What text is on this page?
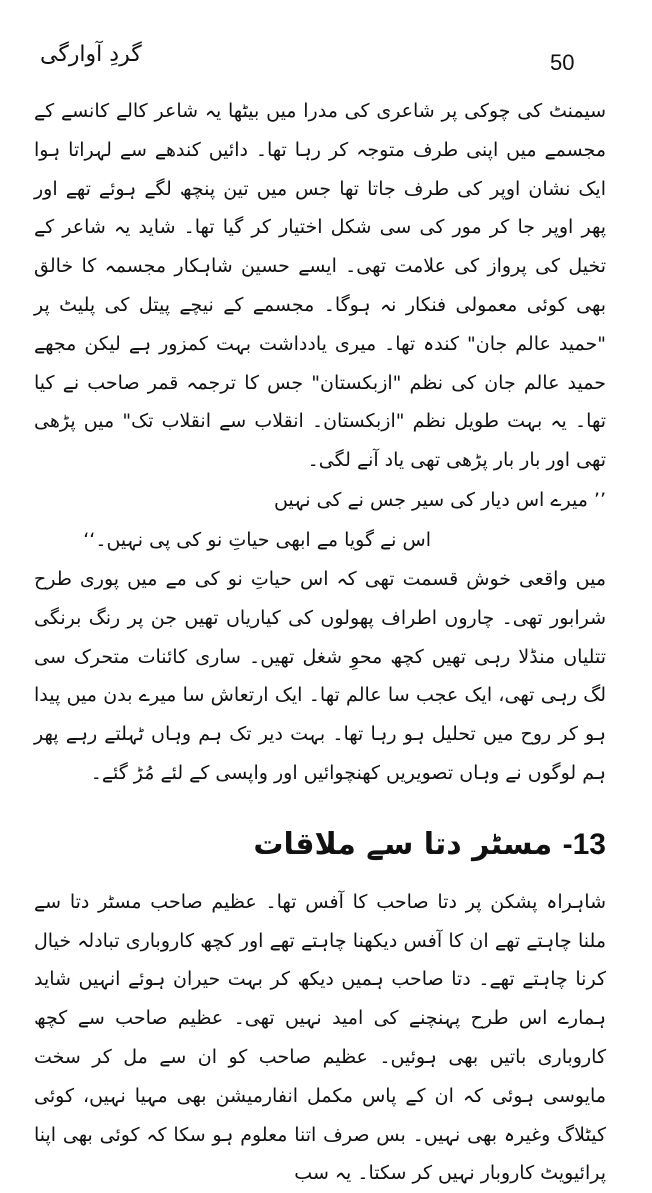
گردِ آوارگی	50

سیمنٹ کی چوکی پر شاعری کی مدرا میں بیٹھا یہ شاعر کالے کانسے کے مجسمے میں اپنی طرف متوجہ کر رہا تھا۔ دائیں کندھے سے لہراتا ہوا ایک نشان اوپر کی طرف جاتا تھا جس میں تین پنچھ لگے ہوئے تھے اور پھر اوپر جا کر مور کی سی شکل اختیار کر گیا تھا۔ شاید یہ شاعر کے تخیل کی پرواز کی علامت تھی۔ ایسے حسین شاہکار مجسمہ کا خالق بھی کوئی معمولی فنکار نہ ہوگا۔ مجسمے کے نیچے پیتل کی پلیٹ پر "حمید عالم جان" کندہ تھا۔ میری یادداشت بہت کمزور ہے لیکن مجھے حمید عالم جان کی نظم "ازبکستان" جس کا ترجمہ قمر صاحب نے کیا تھا۔ یہ بہت طویل نظم "ازبکستان۔ انقلاب سے انقلاب تک" میں پڑھی تھی اور بار بار پڑھی تھی یاد آنے لگی۔

’’ میرے اس دیار کی سیر جس نے کی نہیں

اس نے گویا مے ابھی حیاتِ نو کی پی نہیں۔‘‘

میں واقعی خوش قسمت تھی کہ اس حیاتِ نو کی مے میں پوری طرح شرابور تھی۔ چاروں اطراف پھولوں کی کیاریاں تھیں جن پر رنگ برنگی تتلیاں منڈلا رہی تھیں کچھ محوِ شغل تھیں۔ ساری کائنات متحرک سی لگ رہی تھی، ایک عجب سا عالم تھا۔ ایک ارتعاش سا میرے بدن میں پیدا ہو کر روح میں تحلیل ہو رہا تھا۔ بہت دیر تک ہم وہاں ٹہلتے رہے پھر ہم لوگوں نے وہاں تصویریں کھنچوائیں اور واپسی کے لئے مُڑ گئے۔

13- مسٹر دتا سے ملاقات

شاہراہ پشکن پر دتا صاحب کا آفس تھا۔ عظیم صاحب مسٹر دتا سے ملنا چاہتے تھے ان کا آفس دیکھنا چاہتے تھے اور کچھ کاروباری تبادلہ خیال کرنا چاہتے تھے۔ دتا صاحب ہمیں دیکھ کر بہت حیران ہوئے انہیں شاید ہمارے اس طرح پہنچنے کی امید نہیں تھی۔ عظیم صاحب سے کچھ کاروباری باتیں بھی ہوئیں۔ عظیم صاحب کو ان سے مل کر سخت مایوسی ہوئی کہ ان کے پاس مکمل انفارمیشن بھی مہیا نہیں، کوئی کیٹلاگ وغیرہ بھی نہیں۔ بس صرف اتنا معلوم ہو سکا کہ کوئی بھی اپنا پرائیویٹ کاروبار نہیں کر سکتا۔ یہ سب
